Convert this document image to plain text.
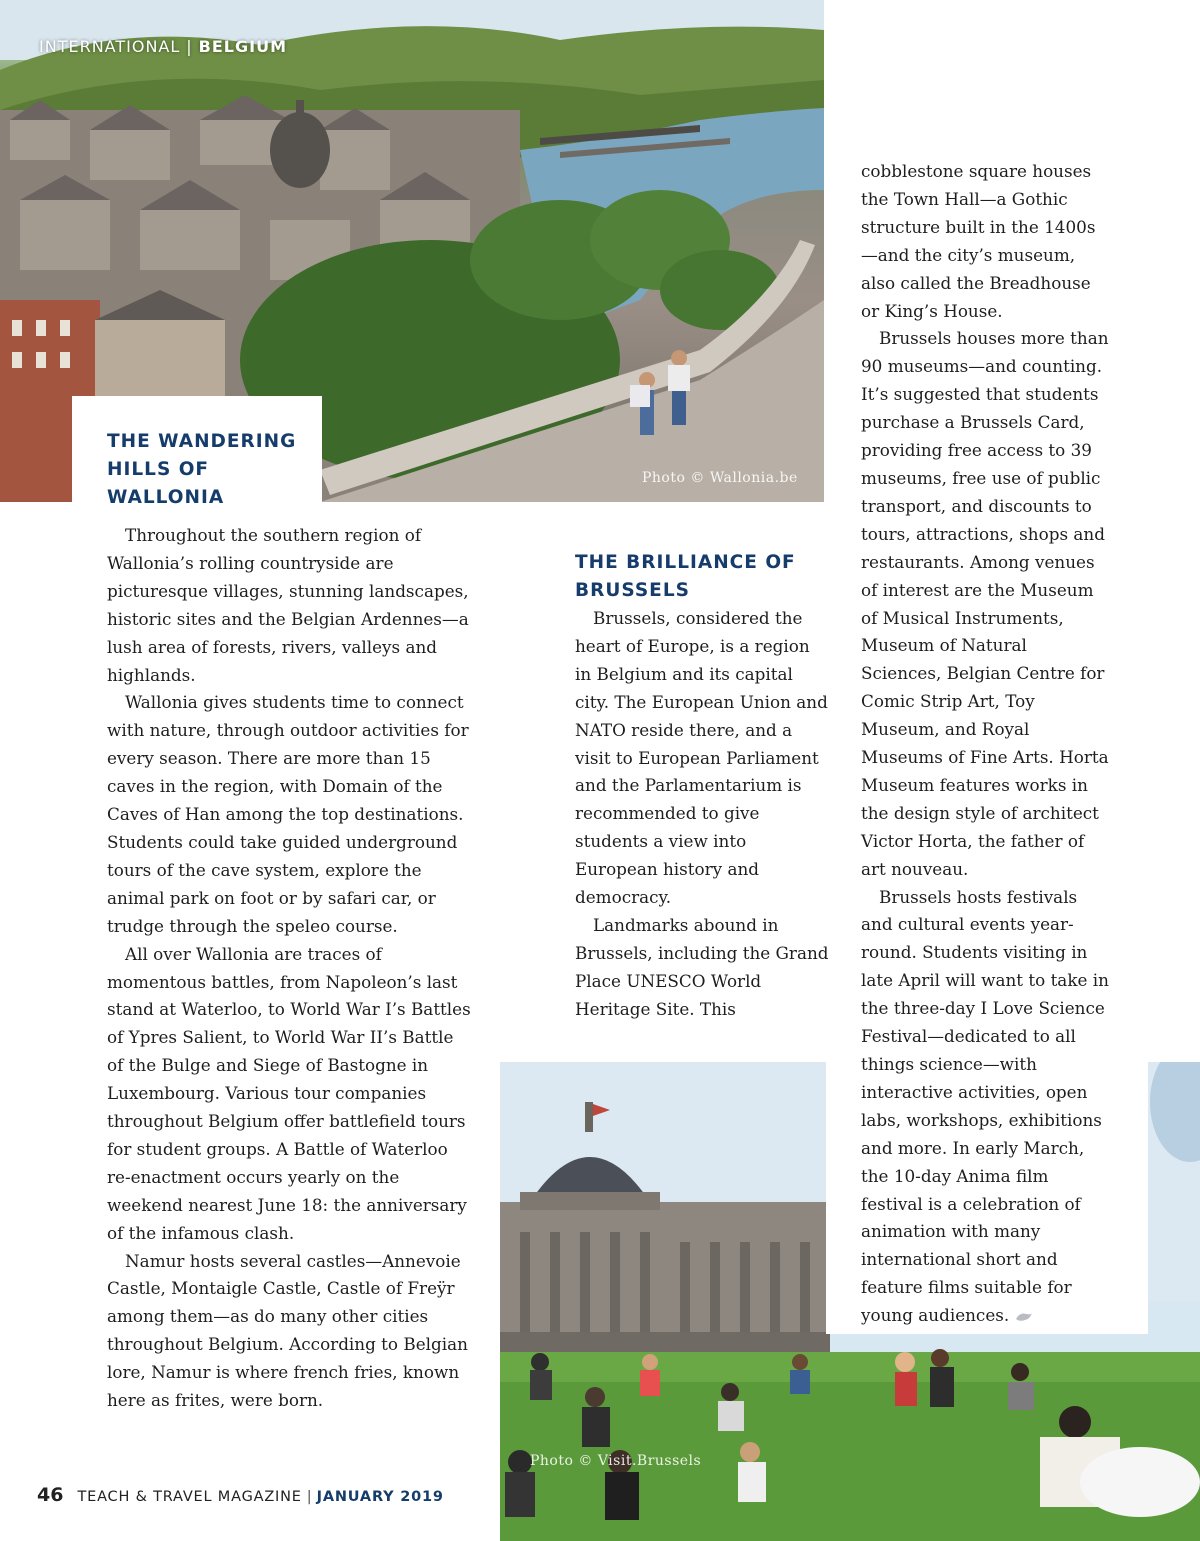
INTERNATIONAL | BELGIUM
Photo © Wallonia.be
THE WANDERING HILLS OF WALLONIA

Throughout the southern region of Wallonia’s rolling countryside are picturesque villages, stunning landscapes, historic sites and the Belgian Ardennes—a lush area of forests, rivers, valleys and highlands.

Wallonia gives students time to connect with nature, through outdoor activities for every season. There are more than 15 caves in the region, with Domain of the Caves of Han among the top destinations. Students could take guided underground tours of the cave system, explore the animal park on foot or by safari car, or trudge through the speleo course.

All over Wallonia are traces of momentous battles, from Napoleon’s last stand at Waterloo, to World War I’s Battles of Ypres Salient, to World War II’s Battle of the Bulge and Siege of Bastogne in Luxembourg. Various tour companies throughout Belgium offer battlefield tours for student groups. A Battle of Waterloo re-enactment occurs yearly on the weekend nearest June 18: the anniversary of the infamous clash.

Namur hosts several castles—Annevoie Castle, Montaigle Castle, Castle of Freÿr among them—as do many other cities throughout Belgium. According to Belgian lore, Namur is where french fries, known here as frites, were born.

THE BRILLIANCE OF BRUSSELS

Brussels, considered the heart of Europe, is a region in Belgium and its capital city. The European Union and NATO reside there, and a visit to European Parliament and the Parlamentarium is recommended to give students a view into European history and democracy.

Landmarks abound in Brussels, including the Grand Place UNESCO World Heritage Site. This

Photo © Visit.Brussels

cobblestone square houses the Town Hall—a Gothic structure built in the 1400s—and the city’s museum, also called the Breadhouse or King’s House.

Brussels houses more than 90 museums—and counting. It’s suggested that students purchase a Brussels Card, providing free access to 39 museums, free use of public transport, and discounts to tours, attractions, shops and restaurants. Among venues of interest are the Museum of Musical Instruments, Museum of Natural Sciences, Belgian Centre for Comic Strip Art, Toy Museum, and Royal Museums of Fine Arts. Horta Museum features works in the design style of architect Victor Horta, the father of art nouveau.

Brussels hosts festivals and cultural events year-round. Students visiting in late April will want to take in the three-day I Love Science Festival—dedicated to all things science—with interactive activities, open labs, workshops, exhibitions and more. In early March, the 10-day Anima film festival is a celebration of animation with many international short and feature films suitable for young audiences.

46 TEACH & TRAVEL MAGAZINE | JANUARY 2019
